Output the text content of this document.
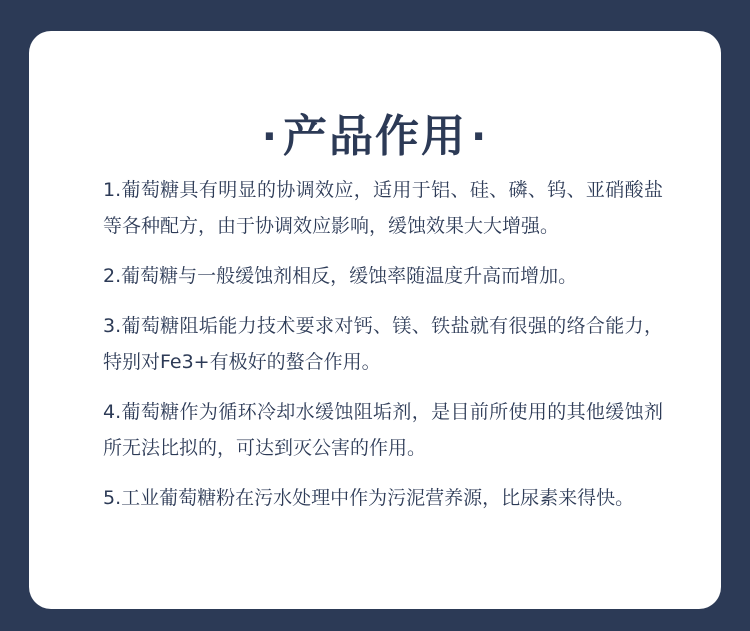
·产品作用 ·

1.葡萄糖具有明显的协调效应，适用于铝、硅、磷、钨、亚硝酸盐等各种配方，由于协调效应影响，缓蚀效果大大增强。

2.葡萄糖与一般缓蚀剂相反，缓蚀率随温度升高而增加。

3.葡萄糖阻垢能力技术要求对钙、镁、铁盐就有很强的络合能力，特别对Fe3+有极好的螯合作用。

4.葡萄糖作为循环冷却水缓蚀阻垢剂，是目前所使用的其他缓蚀剂所无法比拟的，可达到灭公害的作用。

5.工业葡萄糖粉在污水处理中作为污泥营养源，比尿素来得快。
